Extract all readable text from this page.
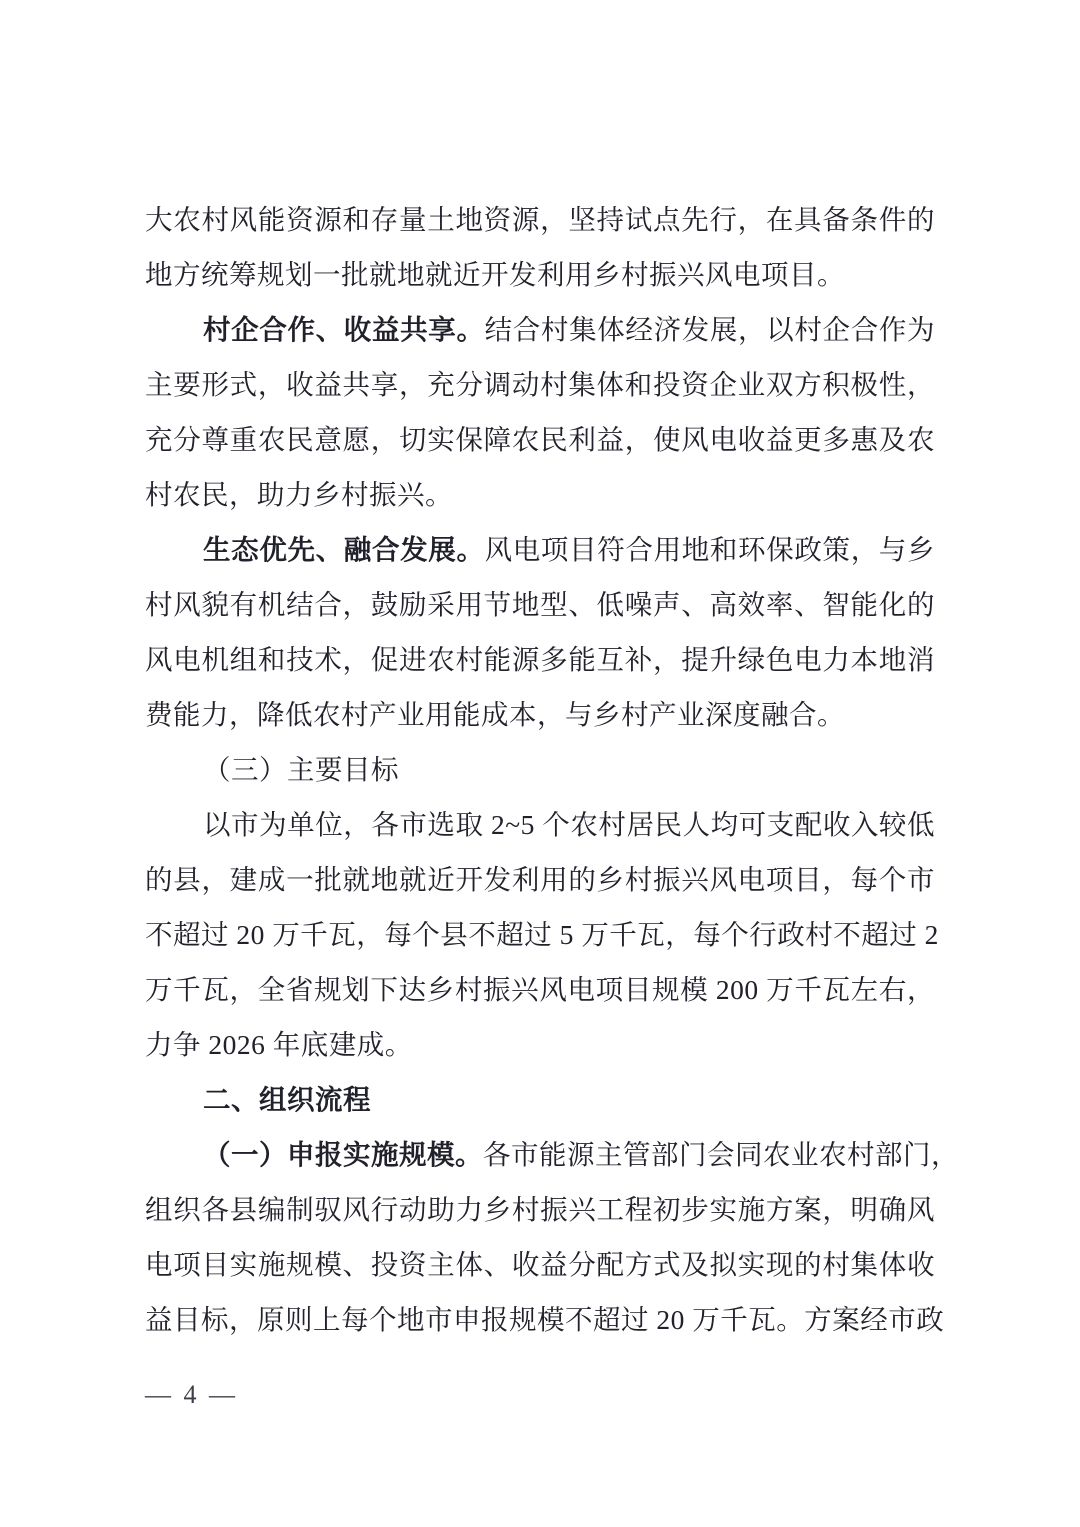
大农村风能资源和存量土地资源，坚持试点先行，在具备条件的
地方统筹规划一批就地就近开发利用乡村振兴风电项目。
村企合作、收益共享。结合村集体经济发展，以村企合作为
主要形式，收益共享，充分调动村集体和投资企业双方积极性，
充分尊重农民意愿，切实保障农民利益，使风电收益更多惠及农
村农民，助力乡村振兴。
生态优先、融合发展。风电项目符合用地和环保政策，与乡
村风貌有机结合，鼓励采用节地型、低噪声、高效率、智能化的
风电机组和技术，促进农村能源多能互补，提升绿色电力本地消
费能力，降低农村产业用能成本，与乡村产业深度融合。
（三）主要目标
以市为单位，各市选取 2~5 个农村居民人均可支配收入较低
的县，建成一批就地就近开发利用的乡村振兴风电项目，每个市
不超过 20 万千瓦，每个县不超过 5 万千瓦，每个行政村不超过 2
万千瓦，全省规划下达乡村振兴风电项目规模 200 万千瓦左右，
力争 2026 年底建成。
二、组织流程
（一）申报实施规模。各市能源主管部门会同农业农村部门，
组织各县编制驭风行动助力乡村振兴工程初步实施方案，明确风
电项目实施规模、投资主体、收益分配方式及拟实现的村集体收
益目标，原则上每个地市申报规模不超过 20 万千瓦。方案经市政
— 4 —
